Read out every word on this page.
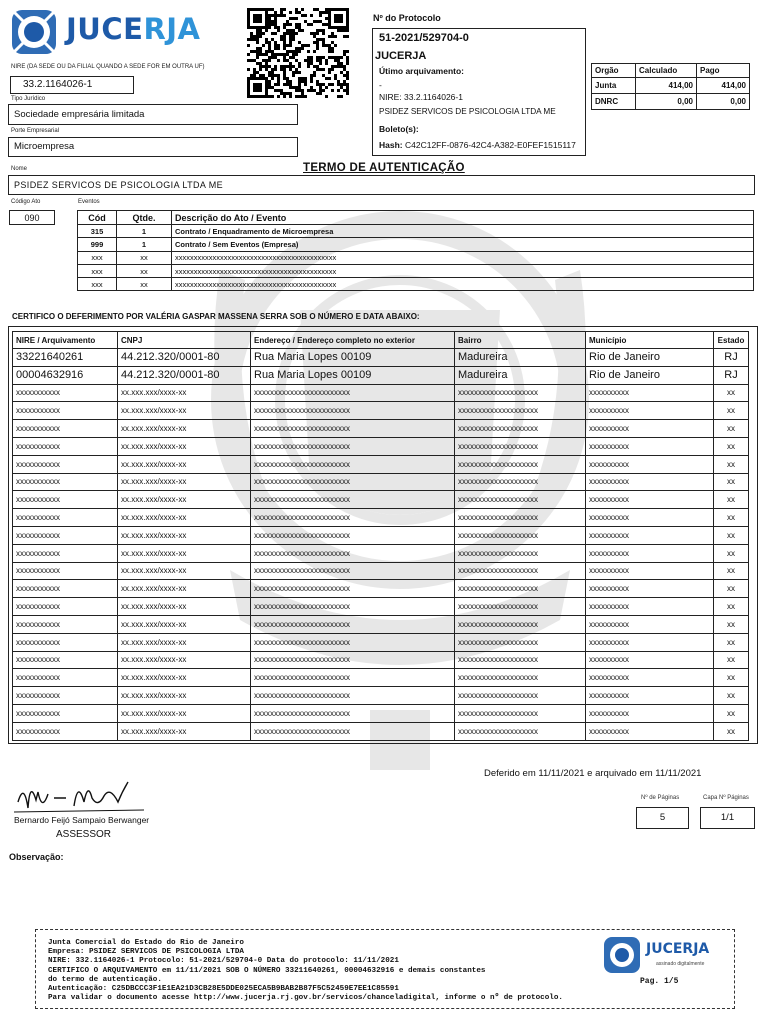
JUCERJA
NIRE (DA SEDE OU DA FILIAL QUANDO A SEDE FOR EM OUTRA UF)
33.2.1164026-1
Tipo Jurídico
Sociedade empresária limitada
Porte Empresarial
Microempresa
Nº do Protocolo
51-2021/529704-0
JUCERJA
Útimo arquivamento:
-
NIRE: 33.2.1164026-1
PSIDEZ SERVICOS DE PSICOLOGIA LTDA ME
Boleto(s):
Hash: C42C12FF-0876-42C4-A382-E0FEF1515117
Orgão	Calculado	Pago
Junta	414,00	414,00
DNRC	0,00	0,00
TERMO DE AUTENTICAÇÃO
Nome
PSIDEZ SERVICOS DE PSICOLOGIA LTDA ME
Código Ato	Eventos
090	Cód	Qtde.	Descrição do Ato / Evento
315	1	Contrato / Enquadramento de Microempresa
999	1	Contrato / Sem Eventos (Empresa)
xxx	xx	xxxxxxxxxxxxxxxxxxxxxxxxxxxxxxxxxxxxxxxxxxx
xxx	xx	xxxxxxxxxxxxxxxxxxxxxxxxxxxxxxxxxxxxxxxxxxx
xxx	xx	xxxxxxxxxxxxxxxxxxxxxxxxxxxxxxxxxxxxxxxxxxx
CERTIFICO O DEFERIMENTO POR VALÉRIA GASPAR MASSENA SERRA SOB O NÚMERO E DATA ABAIXO:
NIRE / Arquivamento	CNPJ	Endereço / Endereço completo no exterior	Bairro	Município	Estado
33221640261	44.212.320/0001-80	Rua Maria Lopes 00109	Madureira	Rio de Janeiro	RJ
00004632916	44.212.320/0001-80	Rua Maria Lopes 00109	Madureira	Rio de Janeiro	RJ
xxxxxxxxxxx	xx.xxx.xxx/xxxx-xx	xxxxxxxxxxxxxxxxxxxxxxxx	xxxxxxxxxxxxxxxxxxxx	xxxxxxxxxx	xx
xxxxxxxxxxx	xx.xxx.xxx/xxxx-xx	xxxxxxxxxxxxxxxxxxxxxxxx	xxxxxxxxxxxxxxxxxxxx	xxxxxxxxxx	xx
xxxxxxxxxxx	xx.xxx.xxx/xxxx-xx	xxxxxxxxxxxxxxxxxxxxxxxx	xxxxxxxxxxxxxxxxxxxx	xxxxxxxxxx	xx
xxxxxxxxxxx	xx.xxx.xxx/xxxx-xx	xxxxxxxxxxxxxxxxxxxxxxxx	xxxxxxxxxxxxxxxxxxxx	xxxxxxxxxx	xx
xxxxxxxxxxx	xx.xxx.xxx/xxxx-xx	xxxxxxxxxxxxxxxxxxxxxxxx	xxxxxxxxxxxxxxxxxxxx	xxxxxxxxxx	xx
xxxxxxxxxxx	xx.xxx.xxx/xxxx-xx	xxxxxxxxxxxxxxxxxxxxxxxx	xxxxxxxxxxxxxxxxxxxx	xxxxxxxxxx	xx
xxxxxxxxxxx	xx.xxx.xxx/xxxx-xx	xxxxxxxxxxxxxxxxxxxxxxxx	xxxxxxxxxxxxxxxxxxxx	xxxxxxxxxx	xx
xxxxxxxxxxx	xx.xxx.xxx/xxxx-xx	xxxxxxxxxxxxxxxxxxxxxxxx	xxxxxxxxxxxxxxxxxxxx	xxxxxxxxxx	xx
xxxxxxxxxxx	xx.xxx.xxx/xxxx-xx	xxxxxxxxxxxxxxxxxxxxxxxx	xxxxxxxxxxxxxxxxxxxx	xxxxxxxxxx	xx
xxxxxxxxxxx	xx.xxx.xxx/xxxx-xx	xxxxxxxxxxxxxxxxxxxxxxxx	xxxxxxxxxxxxxxxxxxxx	xxxxxxxxxx	xx
xxxxxxxxxxx	xx.xxx.xxx/xxxx-xx	xxxxxxxxxxxxxxxxxxxxxxxx	xxxxxxxxxxxxxxxxxxxx	xxxxxxxxxx	xx
xxxxxxxxxxx	xx.xxx.xxx/xxxx-xx	xxxxxxxxxxxxxxxxxxxxxxxx	xxxxxxxxxxxxxxxxxxxx	xxxxxxxxxx	xx
xxxxxxxxxxx	xx.xxx.xxx/xxxx-xx	xxxxxxxxxxxxxxxxxxxxxxxx	xxxxxxxxxxxxxxxxxxxx	xxxxxxxxxx	xx
xxxxxxxxxxx	xx.xxx.xxx/xxxx-xx	xxxxxxxxxxxxxxxxxxxxxxxx	xxxxxxxxxxxxxxxxxxxx	xxxxxxxxxx	xx
xxxxxxxxxxx	xx.xxx.xxx/xxxx-xx	xxxxxxxxxxxxxxxxxxxxxxxx	xxxxxxxxxxxxxxxxxxxx	xxxxxxxxxx	xx
xxxxxxxxxxx	xx.xxx.xxx/xxxx-xx	xxxxxxxxxxxxxxxxxxxxxxxx	xxxxxxxxxxxxxxxxxxxx	xxxxxxxxxx	xx
xxxxxxxxxxx	xx.xxx.xxx/xxxx-xx	xxxxxxxxxxxxxxxxxxxxxxxx	xxxxxxxxxxxxxxxxxxxx	xxxxxxxxxx	xx
xxxxxxxxxxx	xx.xxx.xxx/xxxx-xx	xxxxxxxxxxxxxxxxxxxxxxxx	xxxxxxxxxxxxxxxxxxxx	xxxxxxxxxx	xx
xxxxxxxxxxx	xx.xxx.xxx/xxxx-xx	xxxxxxxxxxxxxxxxxxxxxxxx	xxxxxxxxxxxxxxxxxxxx	xxxxxxxxxx	xx
xxxxxxxxxxx	xx.xxx.xxx/xxxx-xx	xxxxxxxxxxxxxxxxxxxxxxxx	xxxxxxxxxxxxxxxxxxxx	xxxxxxxxxx	xx
Deferido em 11/11/2021 e arquivado em 11/11/2021
Nº de Páginas	Capa Nº Páginas
5	1/1
Bernardo Feijó Sampaio Berwanger
ASSESSOR
Observação:
Junta Comercial do Estado do Rio de Janeiro
Empresa: PSIDEZ SERVICOS DE PSICOLOGIA LTDA
NIRE: 332.1164026-1 Protocolo: 51-2021/529704-0 Data do protocolo: 11/11/2021
CERTIFICO O ARQUIVAMENTO em 11/11/2021 SOB O NÚMERO 33211640261, 00004632916 e demais constantes
do termo de autenticação.
Autenticação: C25DBCCC3F1E1EA21D3CB28E5DDE025ECA5B9BAB2B87F5C52459E7EE1C85591
Para validar o documento acesse http://www.jucerja.rj.gov.br/servicos/chanceladigital, informe o nº de protocolo.
JUCERJA
assinado digitalmente
Pag. 1/5
